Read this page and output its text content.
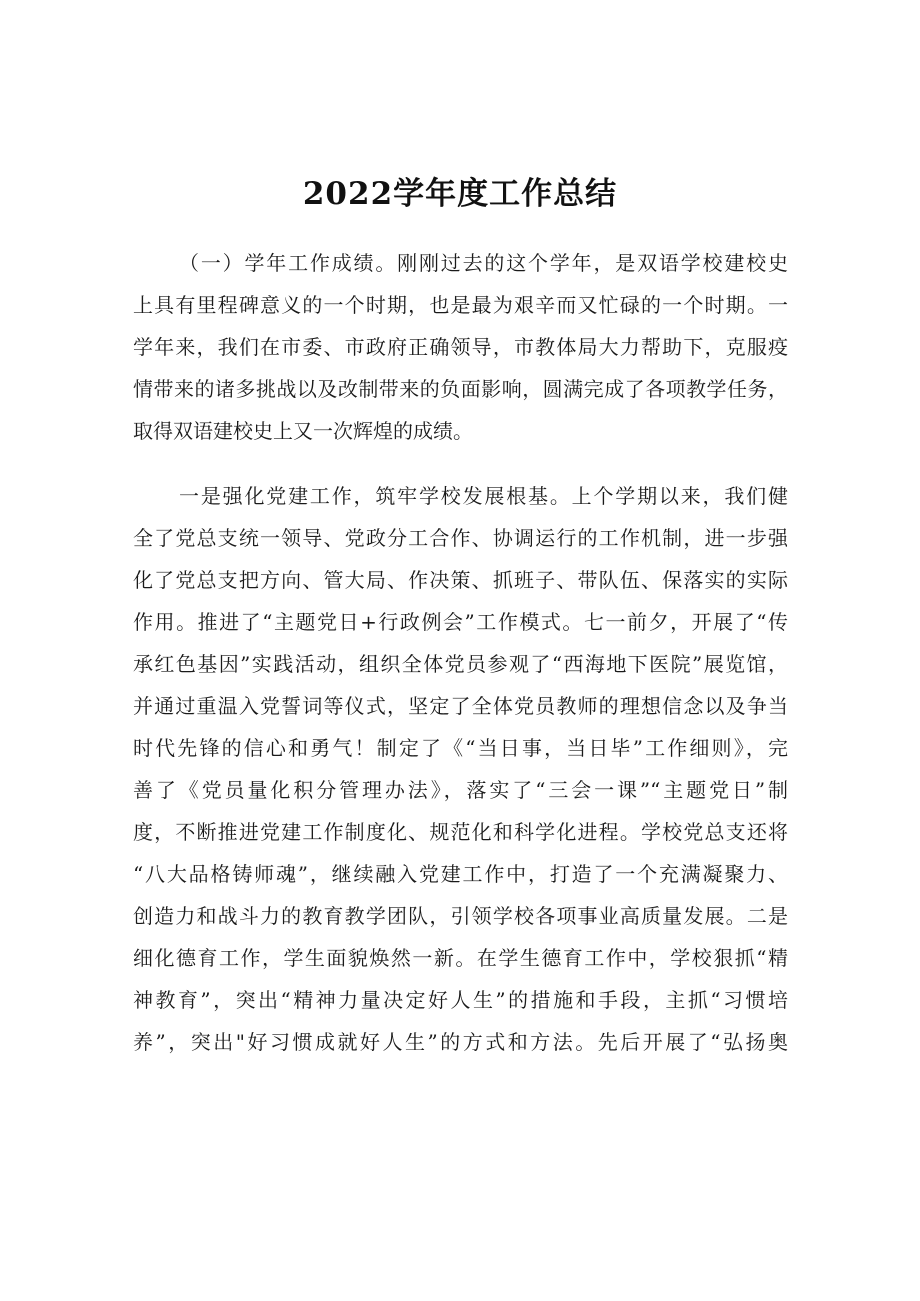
2022学年度工作总结
（一）学年工作成绩。刚刚过去的这个学年，是双语学校建校史
上具有里程碑意义的一个时期，也是最为艰辛而又忙碌的一个时期。一
学年来，我们在市委、市政府正确领导，市教体局大力帮助下，克服疫
情带来的诸多挑战以及改制带来的负面影响，圆满完成了各项教学任务，
取得双语建校史上又一次辉煌的成绩。
一是强化党建工作，筑牢学校发展根基。上个学期以来，我们健
全了党总支统一领导、党政分工合作、协调运行的工作机制，进一步强
化了党总支把方向、管大局、作决策、抓班子、带队伍、保落实的实际
作用。推进了“主题党日+行政例会”工作模式。七一前夕，开展了“传
承红色基因”实践活动，组织全体党员参观了“西海地下医院”展览馆，
并通过重温入党誓词等仪式，坚定了全体党员教师的理想信念以及争当
时代先锋的信心和勇气！制定了《“当日事，当日毕”工作细则》，完
善了《党员量化积分管理办法》，落实了“三会一课”“主题党日”制
度，不断推进党建工作制度化、规范化和科学化进程。学校党总支还将
“八大品格铸师魂”，继续融入党建工作中，打造了一个充满凝聚力、
创造力和战斗力的教育教学团队，引领学校各项事业高质量发展。二是
细化德育工作，学生面貌焕然一新。在学生德育工作中，学校狠抓“精
神教育”，突出“精神力量决定好人生”的措施和手段，主抓“习惯培
养”，突出"好习惯成就好人生”的方式和方法。先后开展了“弘扬奥
